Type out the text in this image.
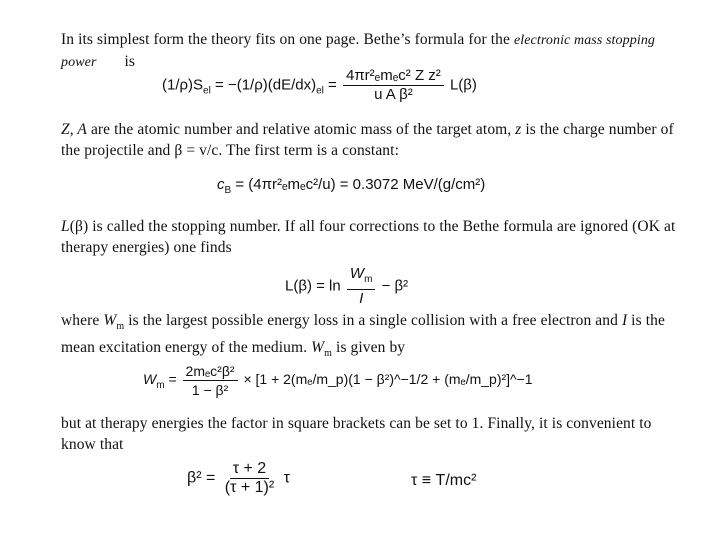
In its simplest form the theory fits on one page. Bethe’s formula for the electronic mass stopping power is
$(1/\rho)S_{el} = -(1/\rho)(dE/dx)_{el} = \frac{\text{4πr²ₑmₑc² Z z²}}{\text{u A β²}} L(\beta)$
Z, A are the atomic number and relative atomic mass of the target atom, z is the charge number of the projectile and β = v/c. The first term is a constant:
$c_B = (4\pi r^2_em_ec^2/u) = 0.3072$ MeV/(g/cm²)
L(β) is called the stopping number. If all four corrections to the Bethe formula are ignored (OK at therapy energies) one finds
$L(\beta) = \ln \frac{W_m}{I} - \beta^2$
where $W_m$ is the largest possible energy loss in a single collision with a free electron and I is the mean excitation energy of the medium. $W_m$ is given by
$W_m = \frac{\text{2mₑc²β²}}{\text{1 − β²}} \times [1$ + 2(mₑ/m_p)(1 − β²)^−1/2 + (mₑ/m_p)²]^−1
but at therapy energies the factor in square brackets can be set to 1. Finally, it is convenient to know that
$\beta^2 = \frac{\tau + 2}{\text{(τ + 1)²}}$ τ	τ ≡ T/mc²
